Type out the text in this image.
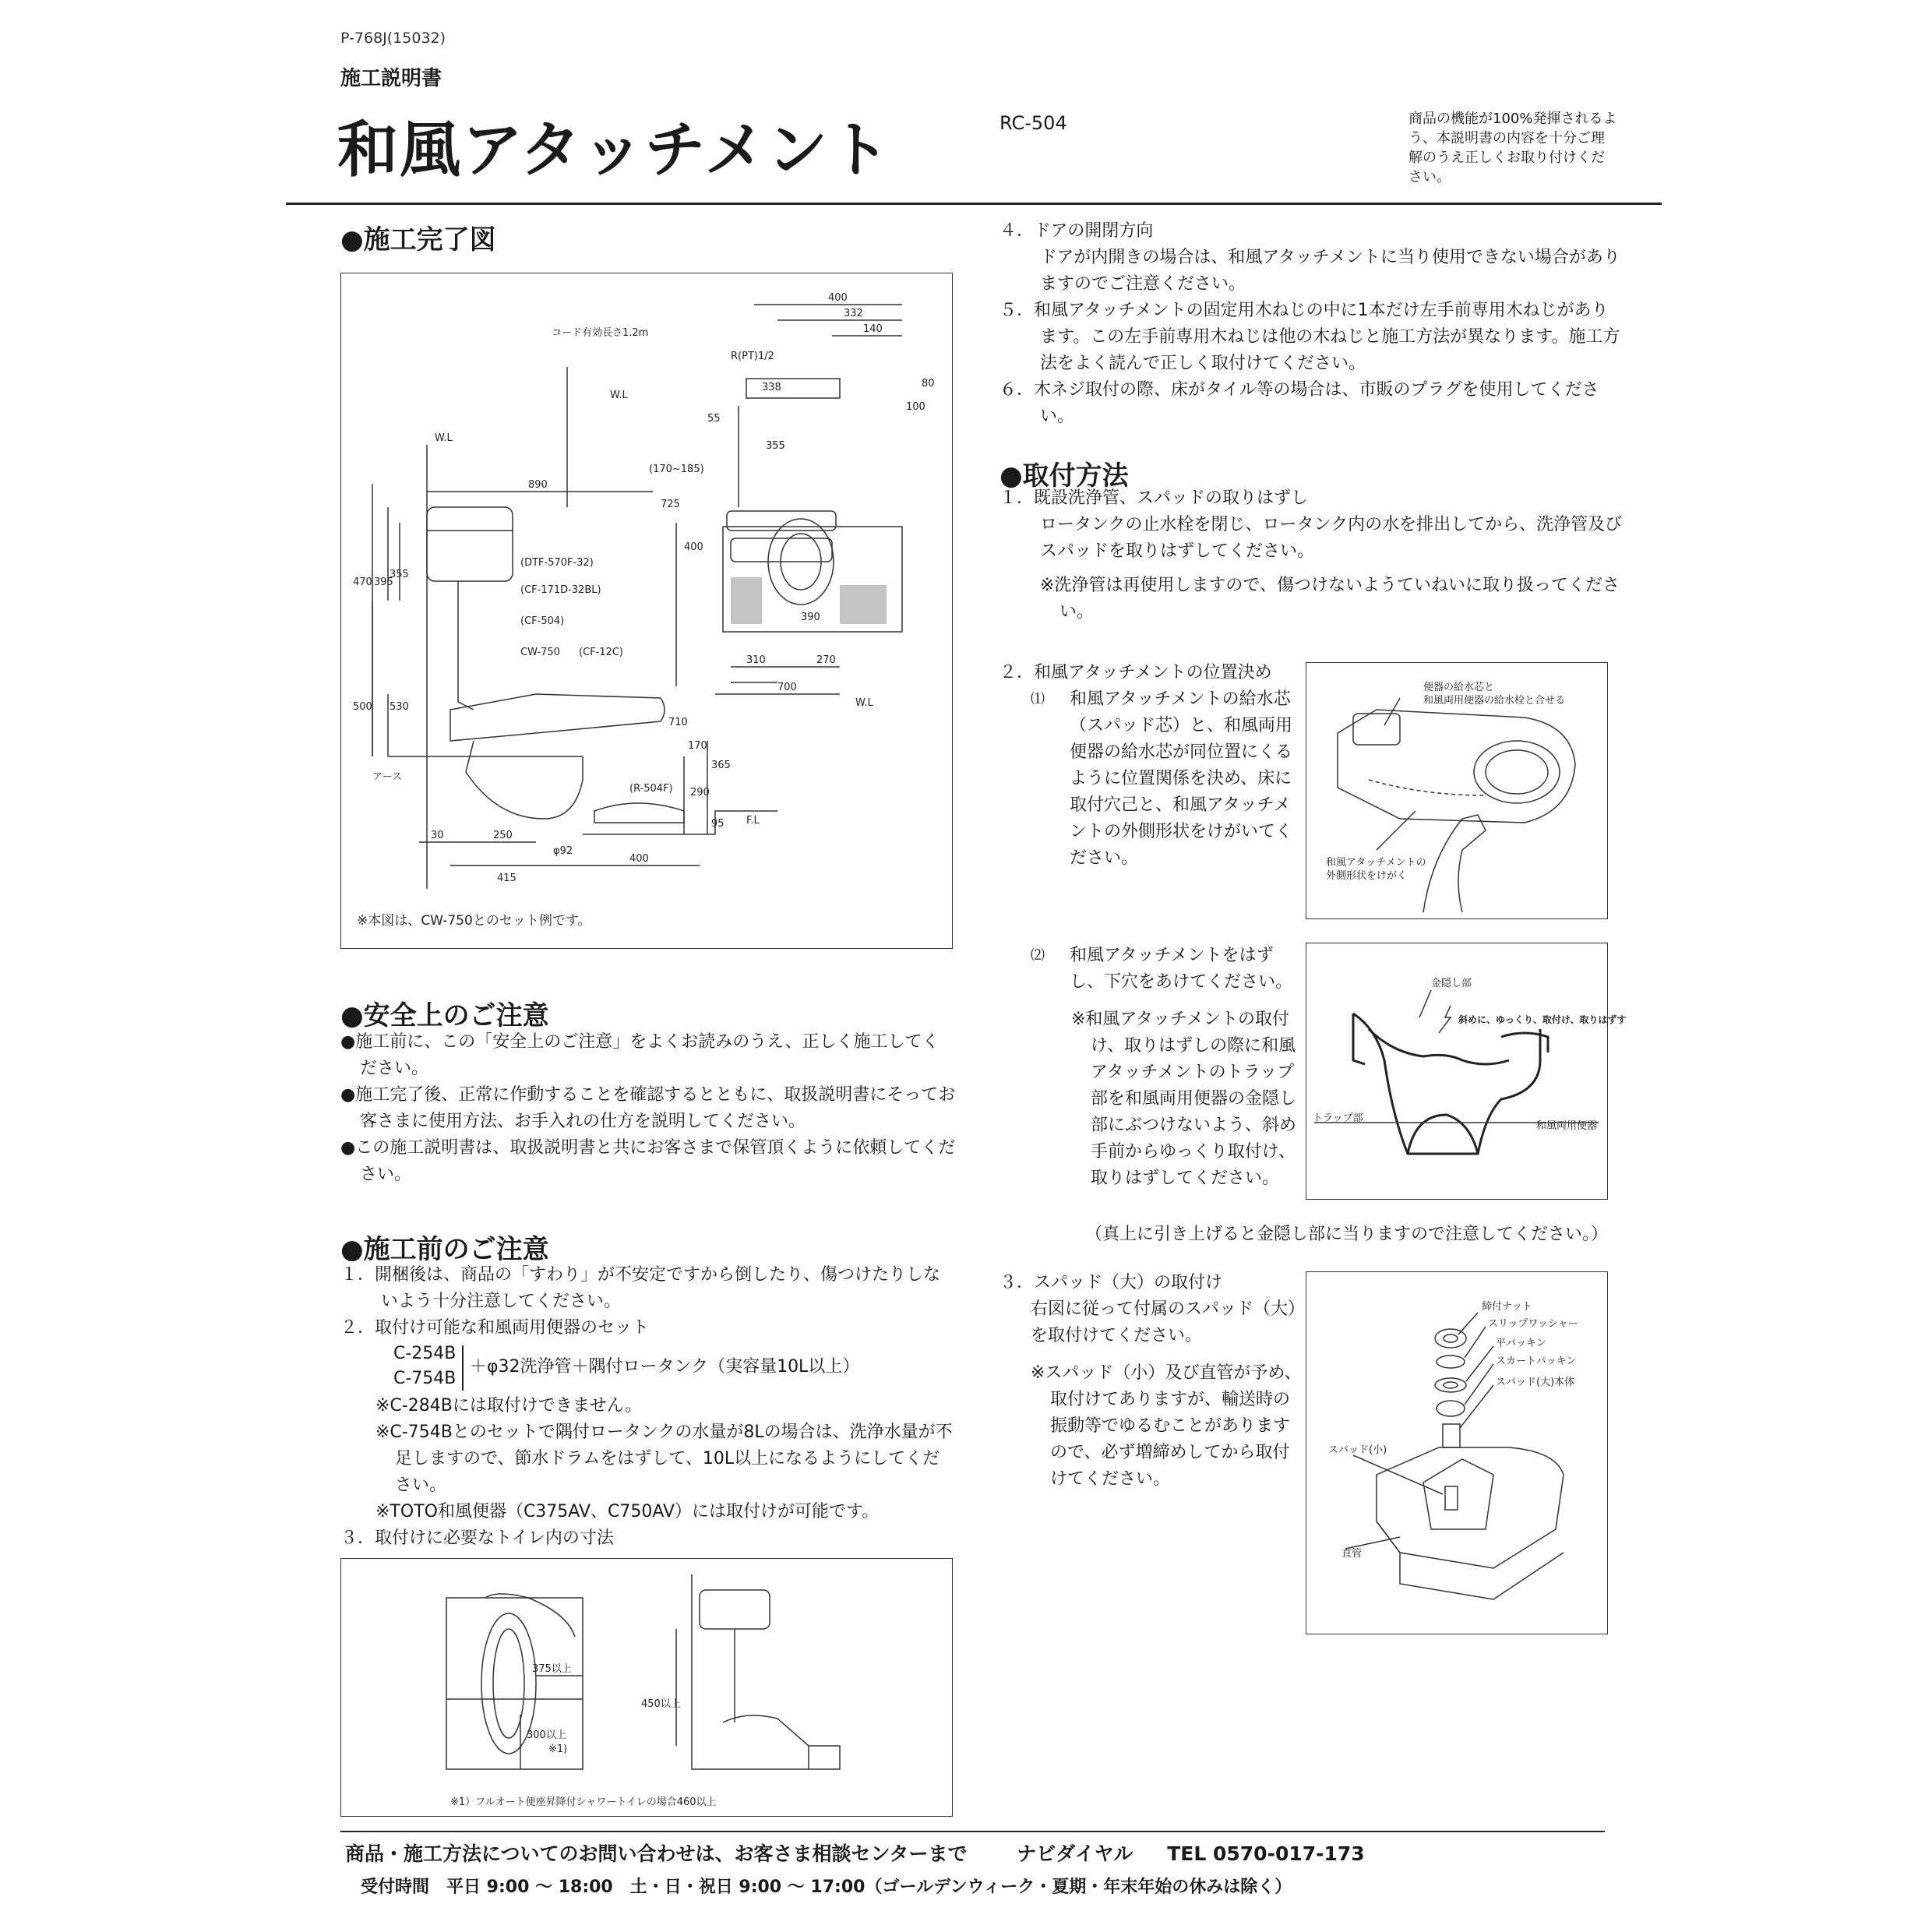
P-768J(15032)
施工説明書
和風アタッチメント	RC-504	商品の機能が100%発揮されるよう、本説明書の内容を十分ご理解のうえ正しくお取り付けください。
●施工完了図
コード有効長さ1.2m
R(PT)1/2
W.L
W.L
W.L
F.L
アース
(DTF-570F-32)
(CF-171D-32BL)
(CF-504)
CW-750 (CF-12C)
(R-504F)
φ92
400
332
140
338
355
55
100
80
(170~185)
725
400
390
310	270
700
890
470 395
355
500 530
710
170
365
290
95
30	250
415
400
※本図は、CW-750とのセット例です。
●安全上のご注意
●施工前に、この「安全上のご注意」をよくお読みのうえ、正しく施工してください。
●施工完了後、正常に作動することを確認するとともに、取扱説明書にそってお客さまに使用方法、お手入れの仕方を説明してください。
●この施工説明書は、取扱説明書と共にお客さまで保管頂くように依頼してください。
●施工前のご注意
１．開梱後は、商品の「すわり」が不安定ですから倒したり、傷つけたりしないよう十分注意してください。
２．取付け可能な和風両用便器のセット
C-254B
C-754B
＋φ32洗浄管＋隅付ロータンク（実容量10L以上）
※C-284Bには取付けできません。
※C-754Bとのセットで隅付ロータンクの水量が8Lの場合は、洗浄水量が不足しますので、節水ドラムをはずして、10L以上になるようにしてください。
※TOTO和風便器（C375AV、C750AV）には取付けが可能です。
３．取付けに必要なトイレ内の寸法
375以上
450以上
300以上
※1)
※1）フルオート便座昇降付シャワートイレの場合460以上
４．ドアの開閉方向
ドアが内開きの場合は、和風アタッチメントに当り使用できない場合がありますのでご注意ください。
５．和風アタッチメントの固定用木ねじの中に1本だけ左手前専用木ねじがあります。この左手前専用木ねじは他の木ねじと施工方法が異なります。施工方法をよく読んで正しく取付けてください。
６．木ネジ取付の際、床がタイル等の場合は、市販のプラグを使用してください。
●取付方法
１．既設洗浄管、スパッドの取りはずし
ロータンクの止水栓を閉じ、ロータンク内の水を排出してから、洗浄管及びスパッドを取りはずしてください。
※洗浄管は再使用しますので、傷つけないようていねいに取り扱ってください。
２．和風アタッチメントの位置決め
⑴ 和風アタッチメントの給水芯（スパッド芯）と、和風両用便器の給水芯が同位置にくるように位置関係を決め、床に取付穴己と、和風アタッチメントの外側形状をけがいてください。
便器の給水芯と
和風両用便器の給水栓と合せる
和風アタッチメントの
外側形状をけがく
⑵ 和風アタッチメントをはずし、下穴をあけてください。
※和風アタッチメントの取付け、取りはずしの際に和風アタッチメントのトラップ部を和風両用便器の金隠し部にぶつけないよう、斜め手前からゆっくり取付け、取りはずしてください。
（真上に引き上げると金隠し部に当りますので注意してください。）
金隠し部
斜めに、ゆっくり、取付け、取りはずす
トラップ部
和風両用便器
３．スパッド（大）の取付け
右図に従って付属のスパッド（大）を取付けてください。
※スパッド（小）及び直管が予め、取付けてありますが、輸送時の振動等でゆるむことがありますので、必ず増締めしてから取付けてください。
締付ナット
スリップワッシャー
平パッキン
スカートパッキン
スパッド(大)本体
スパッド(小)
直管
商品・施工方法についてのお問い合わせは、お客さま相談センターまで	ナビダイヤル TEL 0570-017-173
受付時間　平日 9:00 ～ 18:00　土・日・祝日 9:00 ～ 17:00（ゴールデンウィーク・夏期・年末年始の休みは除く）
